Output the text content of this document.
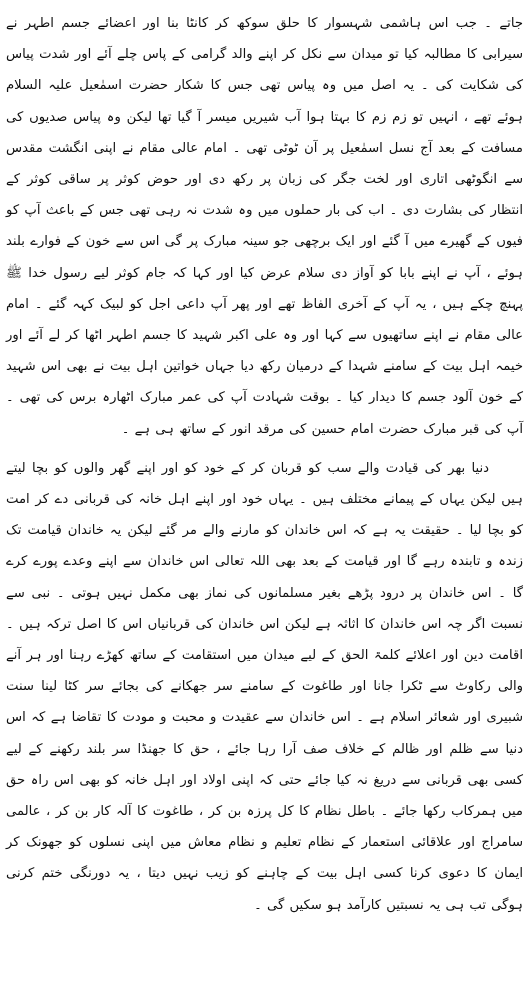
جاتے ۔ جب اس ہاشمی شہسوار کا حلق سوکھ کر کانٹا بنا اور اعضائے جسم اطہر نے سیرابی کا مطالبہ کیا تو میدان سے نکل کر اپنے والد گرامی کے پاس چلے آئے اور شدت پیاس کی شکایت کی ۔ یہ اصل میں وہ پیاس تھی جس کا شکار حضرت اسمٰعیل علیہ السلام ہوئے تھے ، انہیں تو زم زم کا بہتا ہوا آب شیریں میسر آ گیا تھا لیکن وہ پیاس صدیوں کی مسافت کے بعد آج نسل اسمٰعیل پر آن ٹوٹی تھی ۔ امام عالی مقام نے اپنی انگشت مقدس سے انگوٹھی اتاری اور لخت جگر کی زبان پر رکھ دی اور حوض کوثر پر ساقی کوثر کے انتظار کی بشارت دی ۔ اب کی بار حملوں میں وہ شدت نہ رہی تھی جس کے باعث آپ کو فیوں کے گھیرے میں آ گئے اور ایک برچھی جو سینہ مبارک پر گی اس سے خون کے فوارے بلند ہوئے ، آپ نے اپنے بابا کو آواز دی سلام عرض کیا اور کہا کہ جام کوثر لیے رسول خدا ﷺ پہنچ چکے ہیں ، یہ آپ کے آخری الفاظ تھے اور پھر آپ داعی اجل کو لبیک کہہ گئے ۔ امام عالی مقام نے اپنے ساتھیوں سے کہا اور وہ علی اکبر شہید کا جسم اطہر اٹھا کر لے آئے اور خیمہ اہل بیت کے سامنے شہدا کے درمیان رکھ دیا جہاں خواتین اہل بیت نے بھی اس شہید کے خون آلود جسم کا دیدار کیا ۔ بوقت شہادت آپ کی عمر مبارک اٹھارہ برس کی تھی ۔ آپ کی قبر مبارک حضرت امام حسین کی مرقد انور کے ساتھ ہی ہے ۔

دنیا بھر کی قیادت والے سب کو قربان کر کے خود کو اور اپنے گھر والوں کو بچا لیتے ہیں لیکن یہاں کے پیمانے مختلف ہیں ۔ یہاں خود اور اپنے اہل خانہ کی قربانی دے کر امت کو بچا لیا ۔ حقیقت یہ ہے کہ اس خاندان کو مارنے والے مر گئے لیکن یہ خاندان قیامت تک زندہ و تابندہ رہے گا اور قیامت کے بعد بھی اللہ تعالی اس خاندان سے اپنے وعدے پورے کرے گا ۔ اس خاندان پر درود پڑھے بغیر مسلمانوں کی نماز بھی مکمل نہیں ہوتی ۔ نبی سے نسبت اگر چہ اس خاندان کا اثاثہ ہے لیکن اس خاندان کی قربانیاں اس کا اصل ترکہ ہیں ۔ اقامت دین اور اعلائے کلمۃ الحق کے لیے میدان میں استقامت کے ساتھ کھڑے رہنا اور ہر آنے والی رکاوٹ سے ٹکرا جانا اور طاغوت کے سامنے سر جھکانے کی بجائے سر کٹا لینا سنت شبیری اور شعائر اسلام ہے ۔ اس خاندان سے عقیدت و محبت و مودت کا تقاضا ہے کہ اس دنیا سے ظلم اور ظالم کے خلاف صف آرا رہا جائے ، حق کا جھنڈا سر بلند رکھنے کے لیے کسی بھی قربانی سے دریغ نہ کیا جائے حتی کہ اپنی اولاد اور اہل خانہ کو بھی اس راہ حق میں ہمرکاب رکھا جائے ۔ باطل نظام کا کل پرزہ بن کر ، طاغوت کا آلہ کار بن کر ، عالمی سامراج اور علاقائی استعمار کے نظام تعلیم و نظام معاش میں اپنی نسلوں کو جھونک کر ایمان کا دعوی کرنا کسی اہل بیت کے چاہنے کو زیب نہیں دیتا ، یہ دورنگی ختم کرنی ہوگی تب ہی یہ نسبتیں کارآمد ہو سکیں گی ۔
